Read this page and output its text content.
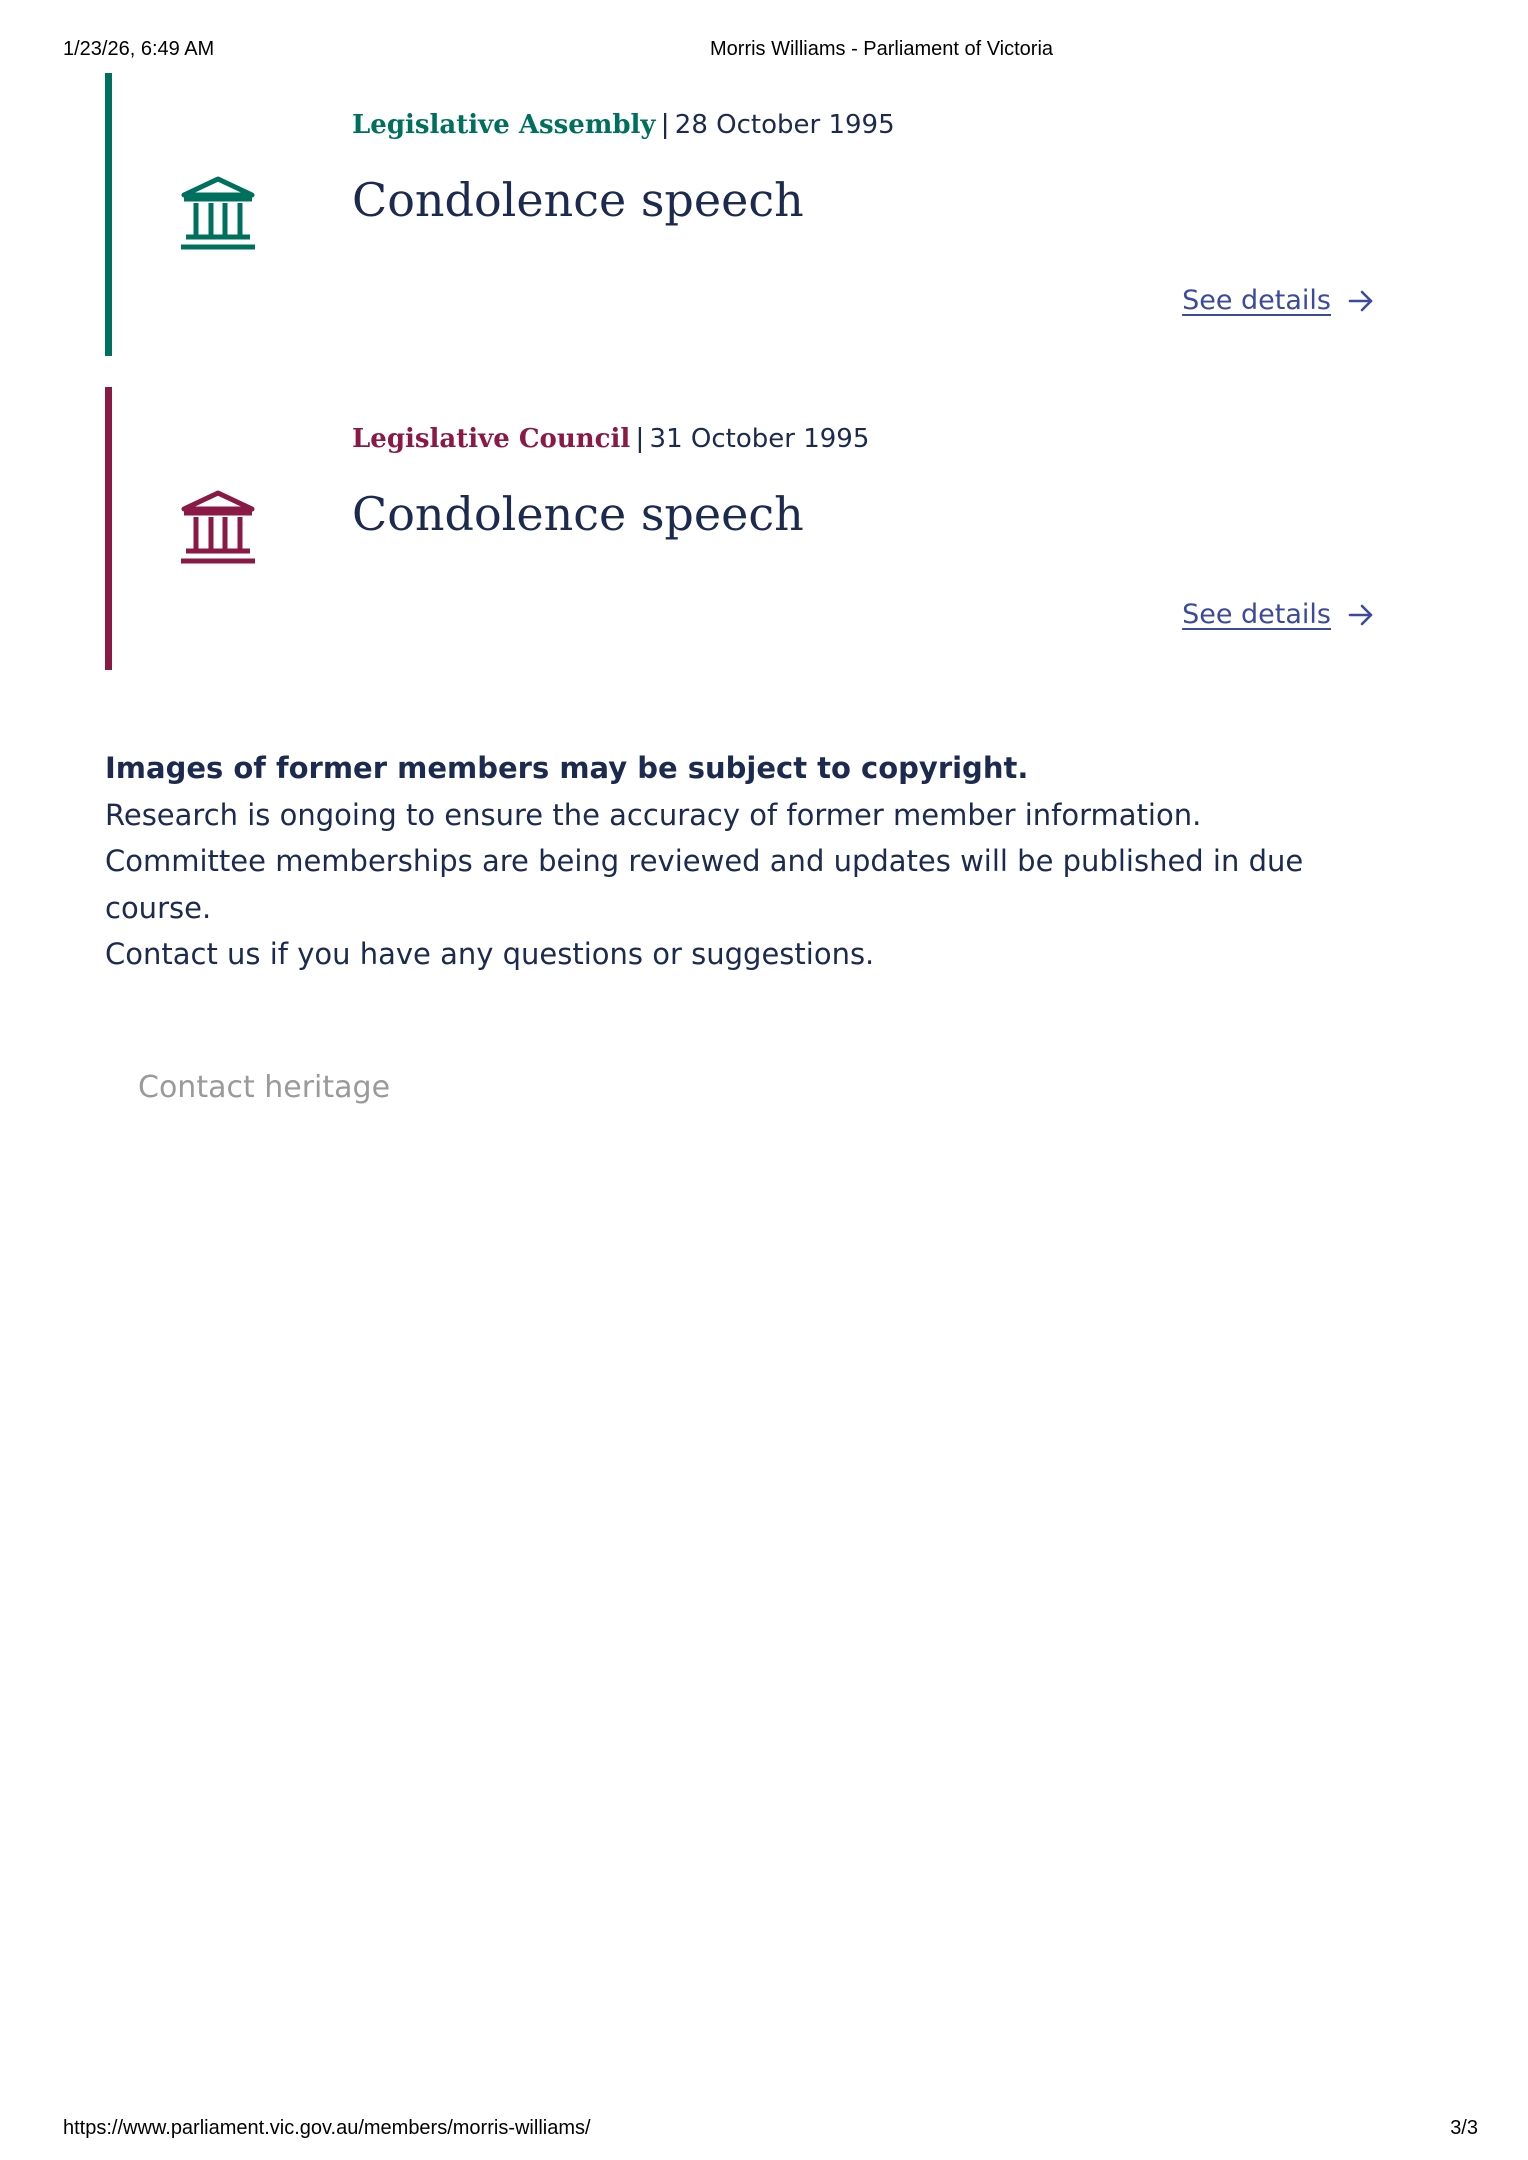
1/23/26, 6:49 AM	Morris Williams - Parliament of Victoria
Legislative Assembly | 28 October 1995
Condolence speech
See details
Legislative Council | 31 October 1995
Condolence speech
See details

Images of former members may be subject to copyright.

Research is ongoing to ensure the accuracy of former member information.

Committee memberships are being reviewed and updates will be published in due course.

Contact us if you have any questions or suggestions.

Contact heritage
https://www.parliament.vic.gov.au/members/morris-williams/	3/3
